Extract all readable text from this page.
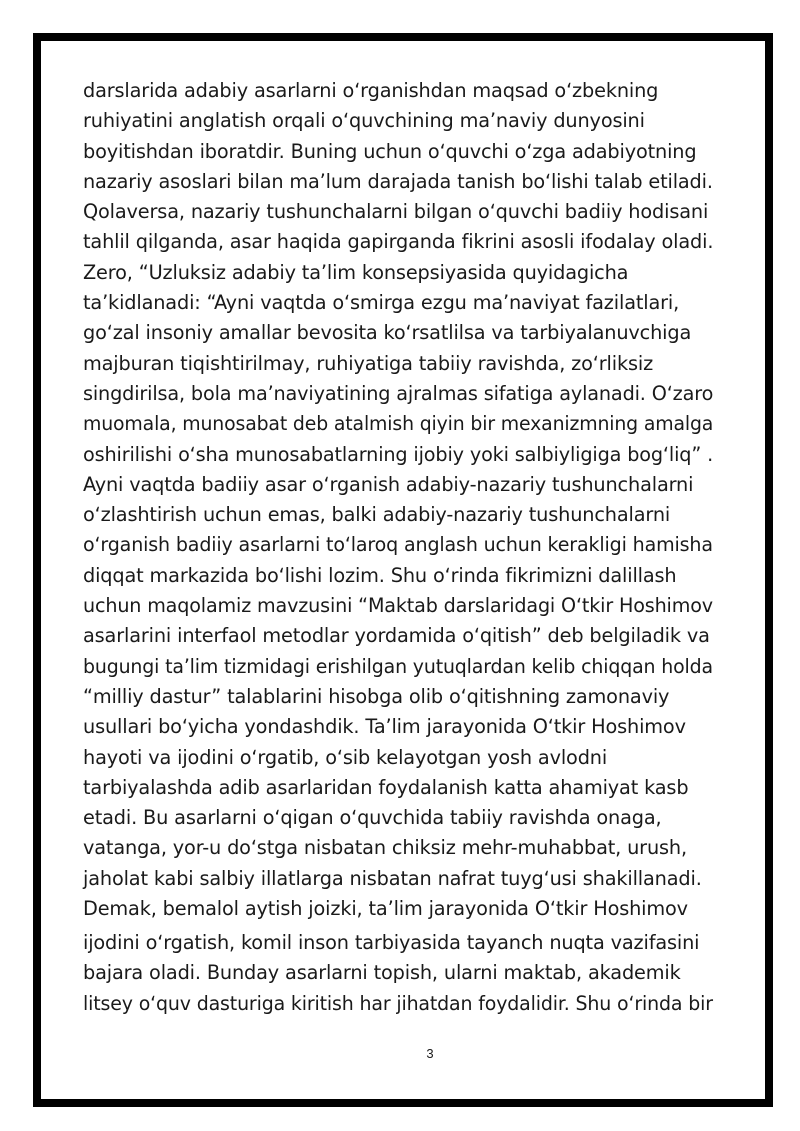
darslarida adabiy asarlarni oʻrganishdan maqsad oʻzbekning
ruhiyatini anglatish orqali oʻquvchining maʼnaviy dunyosini
boyitishdan iboratdir. Buning uchun oʻquvchi oʻzga adabiyotning
nazariy asoslari bilan maʼlum darajada tanish boʻlishi talab etiladi.
Qolaversa, nazariy tushunchalarni bilgan oʻquvchi badiiy hodisani
tahlil qilganda, asar haqida gapirganda fikrini asosli ifodalay oladi.
Zero, “Uzluksiz adabiy taʼlim konsepsiyasida quyidagicha
taʼkidlanadi: “Ayni vaqtda oʻsmirga ezgu maʼnaviyat fazilatlari,
goʻzal insoniy amallar bevosita koʻrsatlilsa va tarbiyalanuvchiga
majburan tiqishtirilmay, ruhiyatiga tabiiy ravishda, zoʻrliksiz
singdirilsa, bola maʼnaviyatining ajralmas sifatiga aylanadi. Oʻzaro
muomala, munosabat deb atalmish qiyin bir mexanizmning amalga
oshirilishi oʻsha munosabatlarning ijobiy yoki salbiyligiga bogʻliq” .
Ayni vaqtda badiiy asar oʻrganish adabiy-nazariy tushunchalarni
oʻzlashtirish uchun emas, balki adabiy-nazariy tushunchalarni
oʻrganish badiiy asarlarni toʻlaroq anglash uchun kerakligi hamisha
diqqat markazida boʻlishi lozim. Shu oʻrinda fikrimizni dalillash
uchun maqolamiz mavzusini “Maktab darslaridagi Oʻtkir Hoshimov
asarlarini interfaol metodlar yordamida oʻqitish” deb belgiladik va
bugungi taʼlim tizmidagi erishilgan yutuqlardan kelib chiqqan holda
“milliy dastur” talablarini hisobga olib oʻqitishning zamonaviy
usullari boʻyicha yondashdik. Taʼlim jarayonida Oʻtkir Hoshimov
hayoti va ijodini oʻrgatib, oʻsib kelayotgan yosh avlodni
tarbiyalashda adib asarlaridan foydalanish katta ahamiyat kasb
etadi. Bu asarlarni oʻqigan oʻquvchida tabiiy ravishda onaga,
vatanga, yor-u doʻstga nisbatan chiksiz mehr-muhabbat, urush,
jaholat kabi salbiy illatlarga nisbatan nafrat tuygʻusi shakillanadi.
Demak, bemalol aytish joizki, taʼlim jarayonida Oʻtkir Hoshimov
ijodini oʻrgatish, komil inson tarbiyasida tayanch nuqta vazifasini
bajara oladi. Bunday asarlarni topish, ularni maktab, akademik
litsey oʻquv dasturiga kiritish har jihatdan foydalidir. Shu oʻrinda bir
3
